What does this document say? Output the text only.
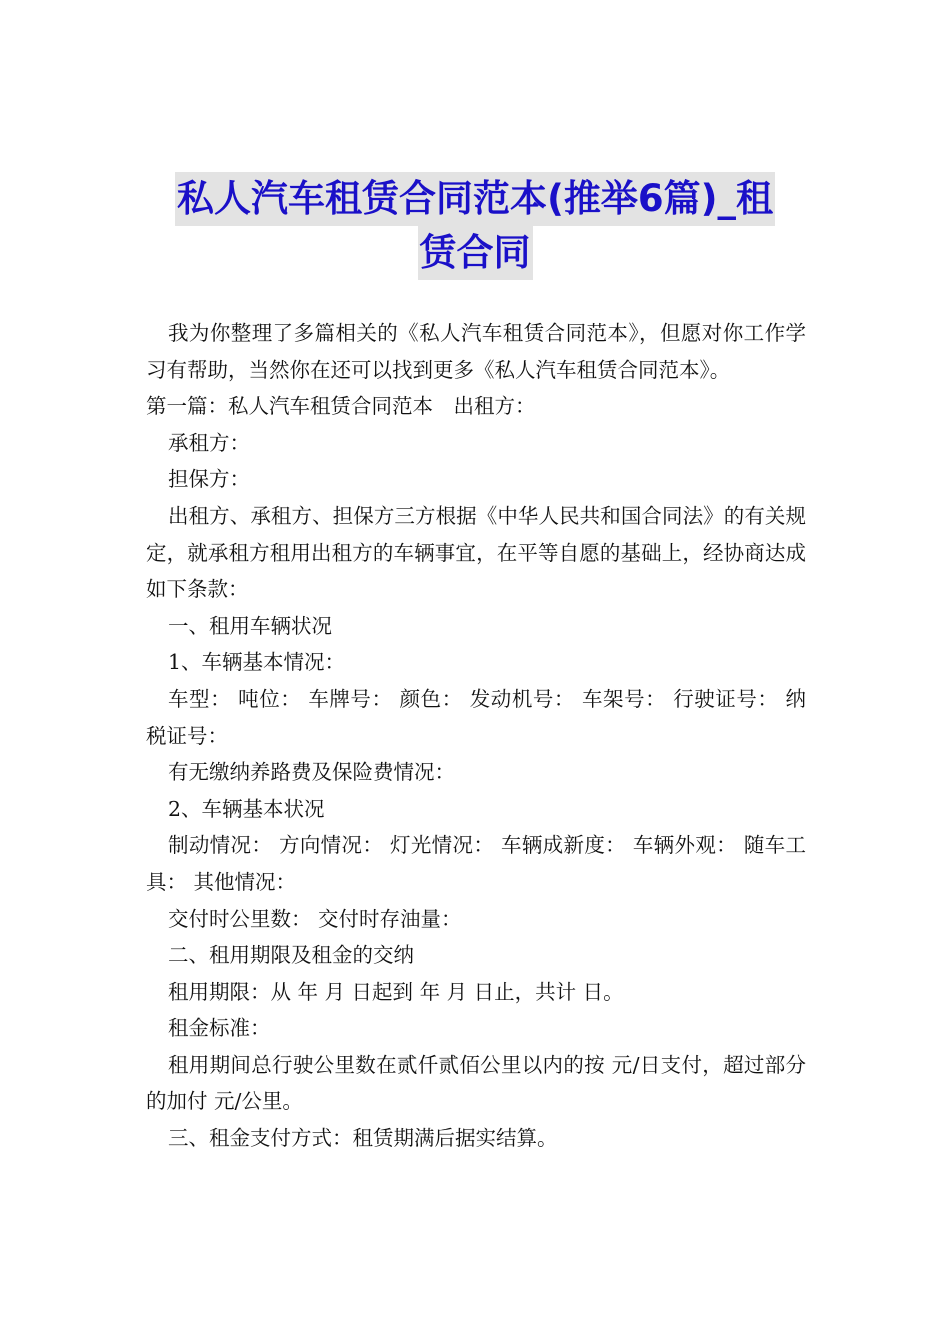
私人汽车租赁合同范本(推举6篇)_租
赁合同

我为你整理了多篇相关的《私人汽车租赁合同范本》，但愿对你工作学习有帮助，当然你在还可以找到更多《私人汽车租赁合同范本》。

第一篇：私人汽车租赁合同范本　出租方：

承租方：

担保方：

出租方、承租方、担保方三方根据《中华人民共和国合同法》的有关规定，就承租方租用出租方的车辆事宜，在平等自愿的基础上，经协商达成如下条款：

一、租用车辆状况

1、车辆基本情况：

车型： 吨位： 车牌号： 颜色： 发动机号： 车架号： 行驶证号： 纳税证号：

有无缴纳养路费及保险费情况：

2、车辆基本状况

制动情况： 方向情况： 灯光情况： 车辆成新度： 车辆外观： 随车工具： 其他情况：

交付时公里数： 交付时存油量：

二、租用期限及租金的交纳

租用期限：从 年 月 日起到 年 月 日止，共计 日。

租金标准：

租用期间总行驶公里数在贰仟贰佰公里以内的按 元/日支付，超过部分的加付 元/公里。

三、租金支付方式：租赁期满后据实结算。
